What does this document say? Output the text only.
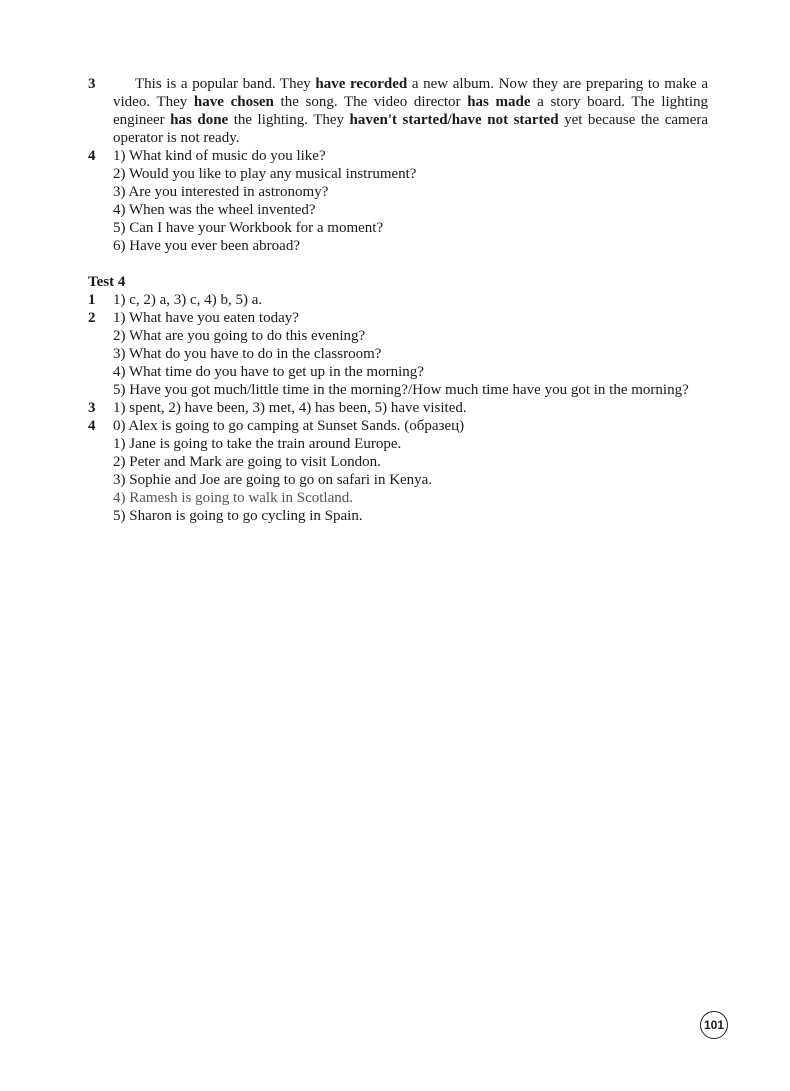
3	This is a popular band. They have recorded a new album. Now they are preparing to make a video. They have chosen the song. The video director has made a story board. The lighting engineer has done the lighting. They haven't started/have not started yet because the camera operator is not ready.
4 1) What kind of music do you like?
2) Would you like to play any musical instrument?
3) Are you interested in astronomy?
4) When was the wheel invented?
5) Can I have your Workbook for a moment?
6) Have you ever been abroad?
Test 4
1 1) c, 2) a, 3) c, 4) b, 5) a.
2 1) What have you eaten today?
2) What are you going to do this evening?
3) What do you have to do in the classroom?
4) What time do you have to get up in the morning?
5) Have you got much/little time in the morning?/How much time have you got in the morning?
3 1) spent, 2) have been, 3) met, 4) has been, 5) have visited.
4 0) Alex is going to go camping at Sunset Sands. (образец)
1) Jane is going to take the train around Europe.
2) Peter and Mark are going to visit London.
3) Sophie and Joe are going to go on safari in Kenya.
4) Ramesh is going to walk in Scotland.
5) Sharon is going to go cycling in Spain.
101
